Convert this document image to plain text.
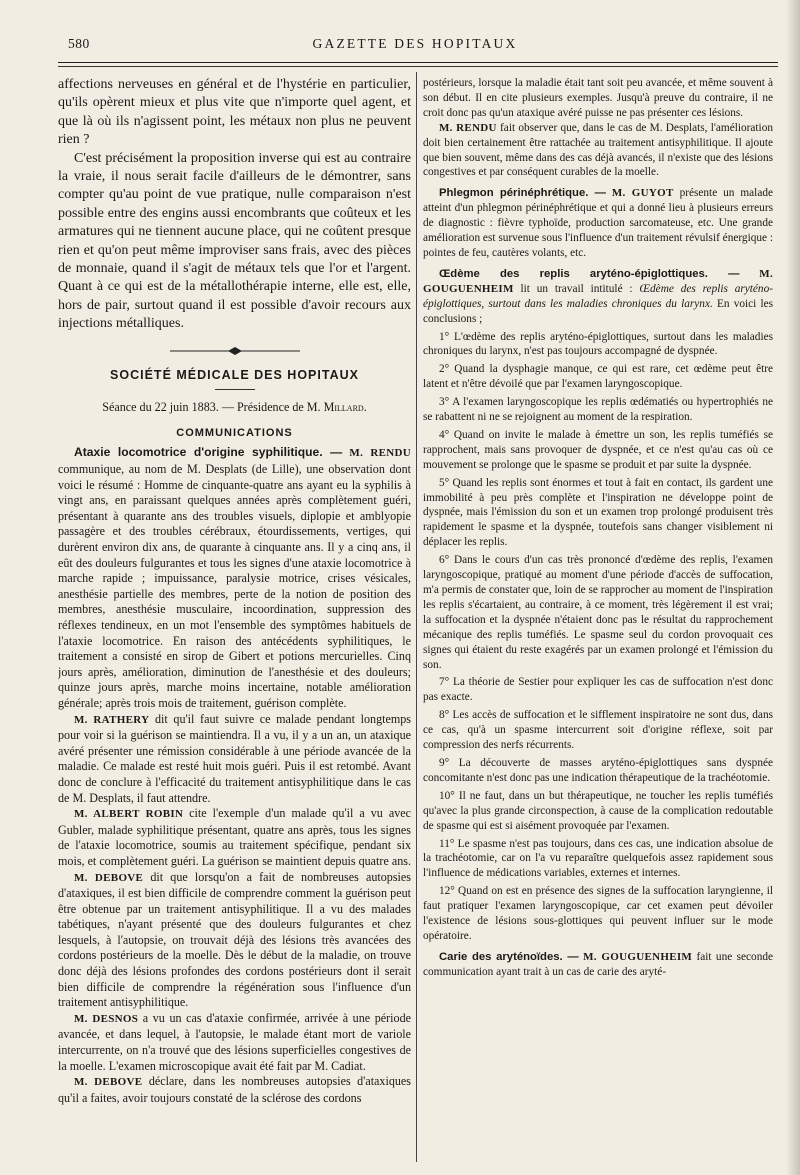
580	GAZETTE DES HOPITAUX

affections nerveuses en général et de l'hystérie en particulier, qu'ils opèrent mieux et plus vite que n'importe quel agent, et que là où ils n'agissent point, les métaux non plus ne peuvent rien ?

C'est précisément la proposition inverse qui est au contraire la vraie, il nous serait facile d'ailleurs de le démontrer, sans compter qu'au point de vue pratique, nulle comparaison n'est possible entre des engins aussi encombrants que coûteux et les armatures qui ne tiennent aucune place, qui ne coûtent presque rien et qu'on peut même improviser sans frais, avec des pièces de monnaie, quand il s'agit de métaux tels que l'or et l'argent. Quant à ce qui est de la métallothérapie interne, elle est, elle, hors de pair, surtout quand il est possible d'avoir recours aux injections métalliques.

SOCIÉTÉ MÉDICALE DES HOPITAUX
Séance du 22 juin 1883. — Présidence de M. Millard.
COMMUNICATIONS

Ataxie locomotrice d'origine syphilitique. — M. RENDU communique, au nom de M. Desplats (de Lille), une observation dont voici le résumé : Homme de cinquante-quatre ans ayant eu la syphilis à vingt ans, en paraissant quelques années après complètement guéri, présentant à quarante ans des troubles visuels, diplopie et amblyopie passagère et des troubles cérébraux, étourdissements, vertiges, qui durèrent environ dix ans, de quarante à cinquante ans. Il y a cinq ans, il eût des douleurs fulgurantes et tous les signes d'une ataxie locomotrice à marche rapide ; impuissance, paralysie motrice, crises vésicales, anesthésie partielle des membres, perte de la notion de position des membres, anesthésie musculaire, incoordination, suppression des réflexes tendineux, en un mot l'ensemble des symptômes habituels de l'ataxie locomotrice. En raison des antécédents syphilitiques, le traitement a consisté en sirop de Gibert et potions mercurielles. Cinq jours après, amélioration, diminution de l'anesthésie et des douleurs; quinze jours après, marche moins incertaine, notable amélioration générale; après trois mois de traitement, guérison complète.

M. RATHERY dit qu'il faut suivre ce malade pendant longtemps pour voir si la guérison se maintiendra. Il a vu, il y a un an, un ataxique avéré présenter une rémission considérable à une période avancée de la maladie. Ce malade est resté huit mois guéri. Puis il est retombé. Avant donc de conclure à l'efficacité du traitement antisyphilitique dans le cas de M. Desplats, il faut attendre.

M. ALBERT ROBIN cite l'exemple d'un malade qu'il a vu avec Gubler, malade syphilitique présentant, quatre ans après, tous les signes de l'ataxie locomotrice, soumis au traitement spécifique, pendant six mois, et complètement guéri. La guérison se maintient depuis quatre ans.

M. DEBOVE dit que lorsqu'on a fait de nombreuses autopsies d'ataxiques, il est bien difficile de comprendre comment la guérison peut être obtenue par un traitement antisyphilitique. Il a vu des malades tabétiques, n'ayant présenté que des douleurs fulgurantes et chez lesquels, à l'autopsie, on trouvait déjà des lésions très avancées des cordons postérieurs de la moelle. Dès le début de la maladie, on trouve donc déjà des lésions profondes des cordons postérieurs dont il serait bien difficile de comprendre la régénération sous l'influence d'un traitement antisyphilitique.

M. DESNOS a vu un cas d'ataxie confirmée, arrivée à une période avancée, et dans lequel, à l'autopsie, le malade étant mort de variole intercurrente, on n'a trouvé que des lésions superficielles congestives de la moelle. L'examen microscopique avait été fait par M. Cadiat.

M. DEBOVE déclare, dans les nombreuses autopsies d'ataxiques qu'il a faites, avoir toujours constaté de la sclérose des cordons

postérieurs, lorsque la maladie était tant soit peu avancée, et même souvent à son début. Il en cite plusieurs exemples. Jusqu'à preuve du contraire, il ne croit donc pas qu'un ataxique avéré puisse ne pas présenter ces lésions.

M. RENDU fait observer que, dans le cas de M. Desplats, l'amélioration doit bien certainement être rattachée au traitement antisyphilitique. Il ajoute que bien souvent, même dans des cas déjà avancés, il n'existe que des lésions congestives et par conséquent curables de la moelle.

Phlegmon périnéphrétique. — M. GUYOT présente un malade atteint d'un phlegmon périnéphrétique et qui a donné lieu à plusieurs erreurs de diagnostic : fièvre typhoïde, production sarcomateuse, etc. Une grande amélioration est survenue sous l'influence d'un traitement révulsif énergique : pointes de feu, cautères volants, etc.

Œdème des replis aryténo-épiglottiques. — M. GOUGUENHEIM lit un travail intitulé : Œdème des replis aryténo-épiglottiques, surtout dans les maladies chroniques du larynx. En voici les conclusions ;

1° L'œdème des replis aryténo-épiglottiques, surtout dans les maladies chroniques du larynx, n'est pas toujours accompagné de dyspnée.

2° Quand la dysphagie manque, ce qui est rare, cet œdème peut être latent et n'être dévoilé que par l'examen laryngoscopique.

3° A l'examen laryngoscopique les replis œdématiés ou hypertrophiés ne se rabattent ni ne se rejoignent au moment de la respiration.

4° Quand on invite le malade à émettre un son, les replis tuméfiés se rapprochent, mais sans provoquer de dyspnée, et ce n'est qu'au cas où ce mouvement se prolonge que le spasme se produit et par suite la dyspnée.

5° Quand les replis sont énormes et tout à fait en contact, ils gardent une immobilité à peu près complète et l'inspiration ne développe point de dyspnée, mais l'émission du son et un examen trop prolongé produisent très rapidement le spasme et la dyspnée, toutefois sans changer visiblement ni déplacer les replis.

6° Dans le cours d'un cas très prononcé d'œdème des replis, l'examen laryngoscopique, pratiqué au moment d'une période d'accès de suffocation, m'a permis de constater que, loin de se rapprocher au moment de l'inspiration les replis s'écartaient, au contraire, à ce moment, très légèrement il est vrai; la suffocation et la dyspnée n'étaient donc pas le résultat du rapprochement mécanique des replis tuméfiés. Le spasme seul du cordon provoquait ces signes qui étaient du reste exagérés par un examen prolongé et l'émission du son.

7° La théorie de Sestier pour expliquer les cas de suffocation n'est donc pas exacte.

8° Les accès de suffocation et le sifflement inspiratoire ne sont dus, dans ce cas, qu'à un spasme intercurrent soit d'origine réflexe, soit par compression des nerfs récurrents.

9° La découverte de masses aryténo-épiglottiques sans dyspnée concomitante n'est donc pas une indication thérapeutique de la trachéotomie.

10° Il ne faut, dans un but thérapeutique, ne toucher les replis tuméfiés qu'avec la plus grande circonspection, à cause de la complication redoutable de spasme qui est si aisément provoquée par l'examen.

11° Le spasme n'est pas toujours, dans ces cas, une indication absolue de la trachéotomie, car on l'a vu reparaître quelquefois assez rapidement sous l'influence de médications variables, externes et internes.

12° Quand on est en présence des signes de la suffocation laryngienne, il faut pratiquer l'examen laryngoscopique, car cet examen peut dévoiler l'existence de lésions sous-glottiques qui peuvent influer sur le mode opératoire.

Carie des aryténoïdes. — M. GOUGUENHEIM fait une seconde communication ayant trait à un cas de carie des aryté-
